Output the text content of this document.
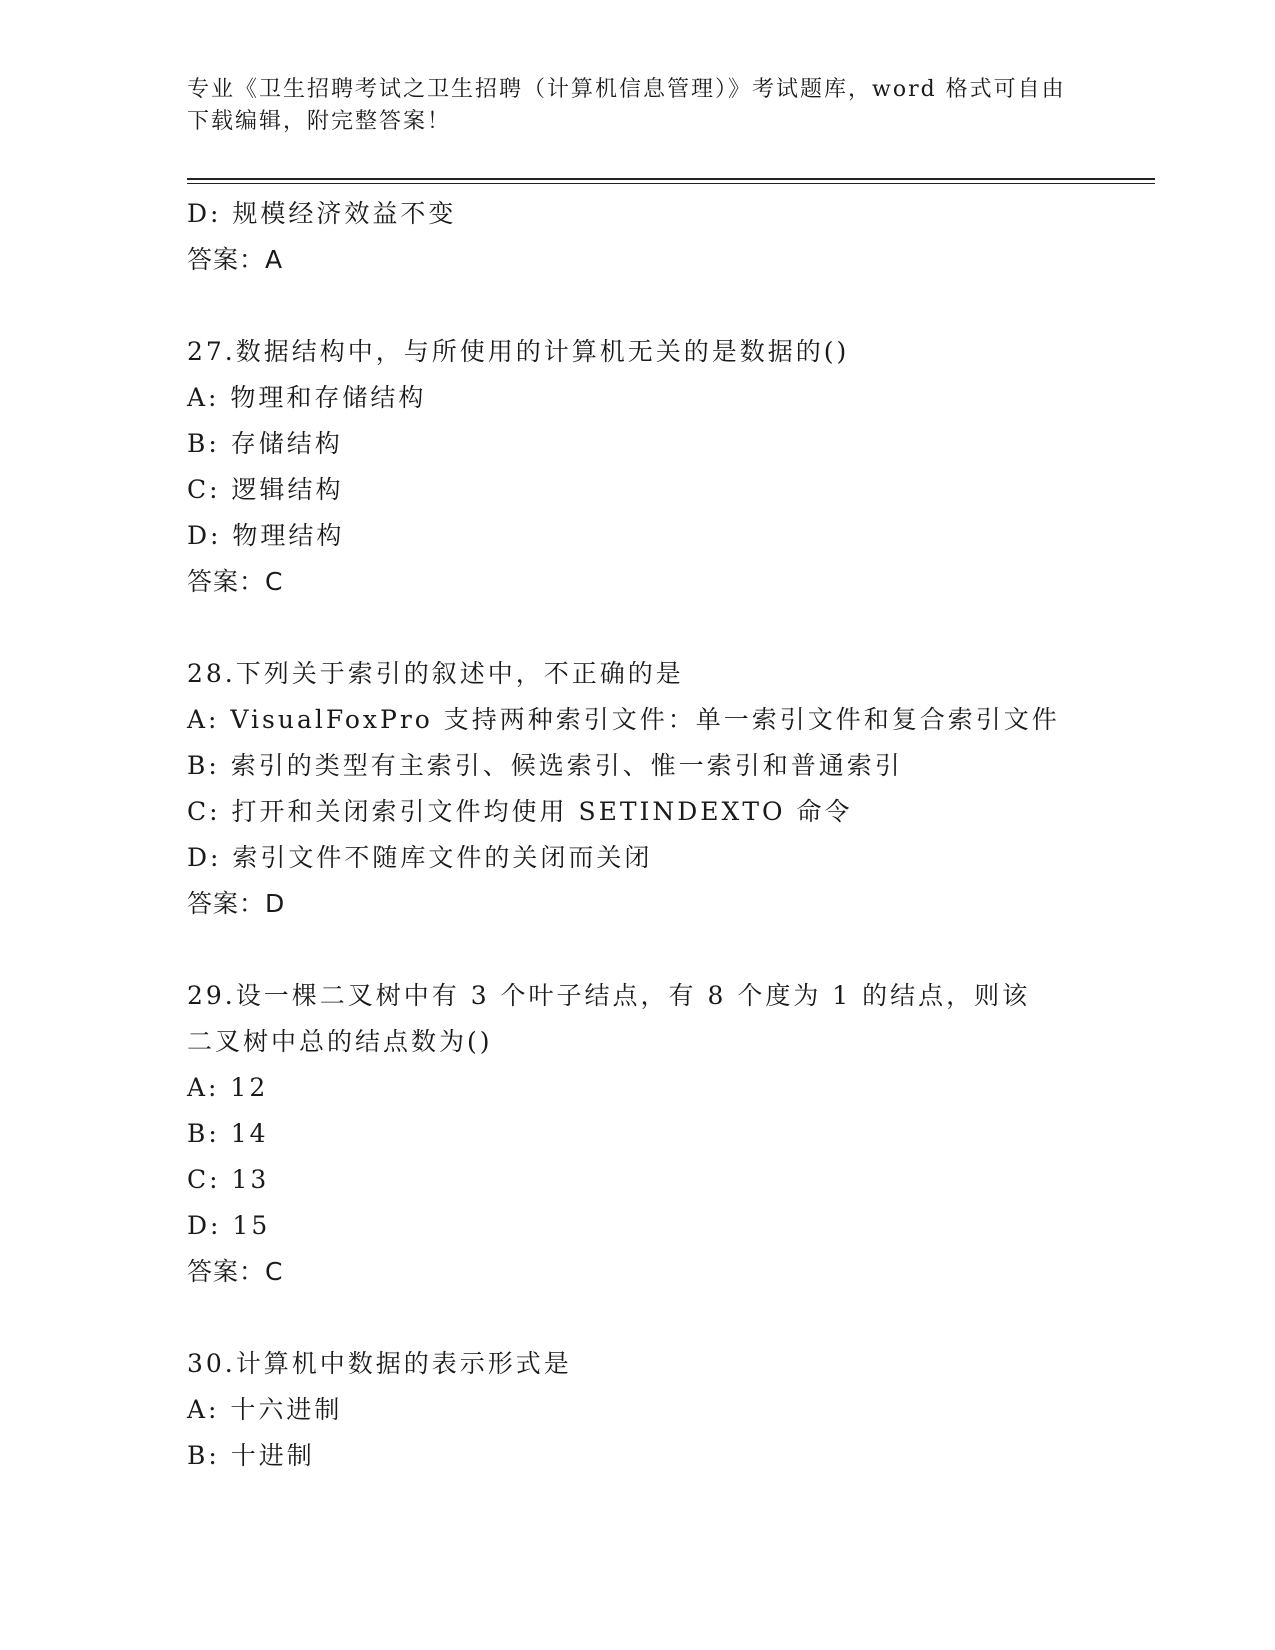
专业《卫生招聘考试之卫生招聘（计算机信息管理）》考试题库，word 格式可自由下载编辑，附完整答案！
D: 规模经济效益不变
答案：A
27.数据结构中，与所使用的计算机无关的是数据的()
A: 物理和存储结构
B: 存储结构
C: 逻辑结构
D: 物理结构
答案：C
28.下列关于索引的叙述中，不正确的是
A: VisualFoxPro 支持两种索引文件：单一索引文件和复合索引文件
B: 索引的类型有主索引、候选索引、惟一索引和普通索引
C: 打开和关闭索引文件均使用 SETINDEXTO 命令
D: 索引文件不随库文件的关闭而关闭
答案：D
29.设一棵二叉树中有 3 个叶子结点，有 8 个度为 1 的结点，则该二叉树中总的结点数为()
A: 12
B: 14
C: 13
D: 15
答案：C
30.计算机中数据的表示形式是
A: 十六进制
B: 十进制
